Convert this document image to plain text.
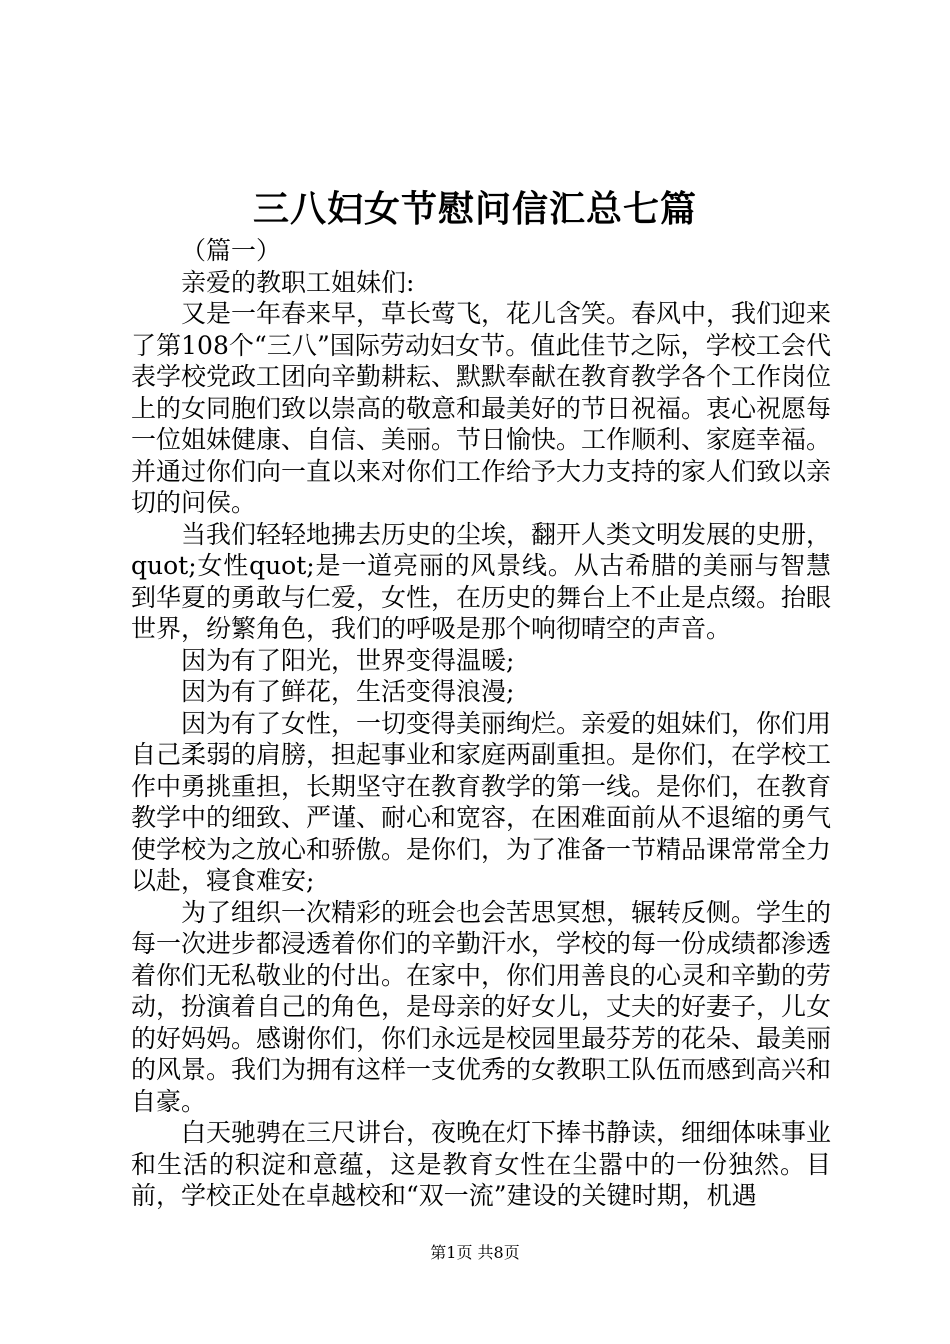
三八妇女节慰问信汇总七篇

（篇一）

亲爱的教职工姐妹们:

又是一年春来早，草长莺飞，花儿含笑。春风中，我们迎来了第108个“三八”国际劳动妇女节。值此佳节之际，学校工会代表学校党政工团向辛勤耕耘、默默奉献在教育教学各个工作岗位上的女同胞们致以崇高的敬意和最美好的节日祝福。衷心祝愿每一位姐妹健康、自信、美丽。节日愉快。工作顺利、家庭幸福。并通过你们向一直以来对你们工作给予大力支持的家人们致以亲切的问侯。

当我们轻轻地拂去历史的尘埃，翻开人类文明发展的史册，quot;女性quot;是一道亮丽的风景线。从古希腊的美丽与智慧到华夏的勇敢与仁爱，女性，在历史的舞台上不止是点缀。抬眼世界，纷繁角色，我们的呼吸是那个响彻晴空的声音。

因为有了阳光，世界变得温暖;

因为有了鲜花，生活变得浪漫;

因为有了女性，一切变得美丽绚烂。亲爱的姐妹们，你们用自己柔弱的肩膀，担起事业和家庭两副重担。是你们，在学校工作中勇挑重担，长期坚守在教育教学的第一线。是你们，在教育教学中的细致、严谨、耐心和宽容，在困难面前从不退缩的勇气使学校为之放心和骄傲。是你们，为了准备一节精品课常常全力以赴，寝食难安;

为了组织一次精彩的班会也会苦思冥想，辗转反侧。学生的每一次进步都浸透着你们的辛勤汗水，学校的每一份成绩都渗透着你们无私敬业的付出。在家中，你们用善良的心灵和辛勤的劳动，扮演着自己的角色，是母亲的好女儿，丈夫的好妻子，儿女的好妈妈。感谢你们，你们永远是校园里最芬芳的花朵、最美丽的风景。我们为拥有这样一支优秀的女教职工队伍而感到高兴和自豪。

白天驰骋在三尺讲台，夜晚在灯下捧书静读，细细体味事业和生活的积淀和意蕴，这是教育女性在尘嚣中的一份独然。目前，学校正处在卓越校和“双一流”建设的关键时期，机遇

第1页 共8页
